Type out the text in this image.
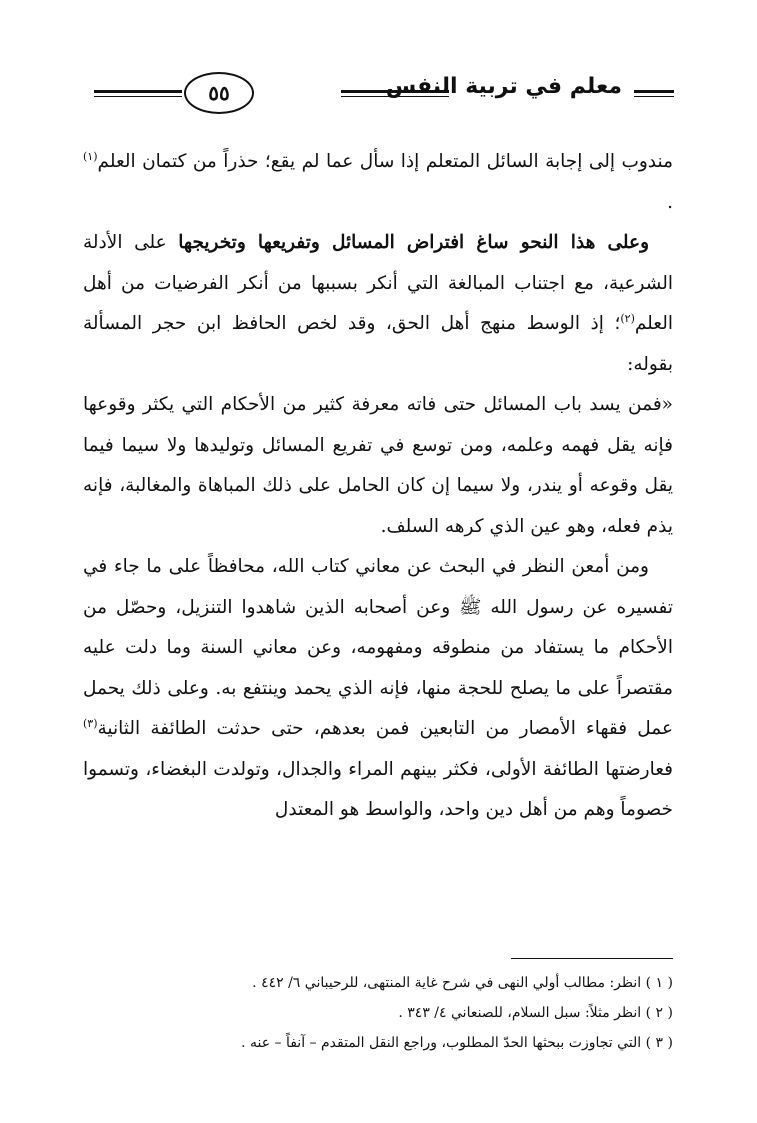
معلم في تربية النفس
٥٥

مندوب إلى إجابة السائل المتعلم إذا سأل عما لم يقع؛ حذراً من كتمان العلم$^{(١)}$ .

وعلى هذا النحو ساغ افتراض المسائل وتفريعها وتخريجها على الأدلة الشرعية، مع اجتناب المبالغة التي أنكر بسببها من أنكر الفرضيات من أهل العلم$^{(٢)}$؛ إذ الوسط منهج أهل الحق، وقد لخص الحافظ ابن حجر المسألة بقوله:

«فمن يسد باب المسائل حتى فاته معرفة كثير من الأحكام التي يكثر وقوعها فإنه يقل فهمه وعلمه، ومن توسع في تفريع المسائل وتوليدها ولا سيما فيما يقل وقوعه أو يندر، ولا سيما إن كان الحامل على ذلك المباهاة والمغالبة، فإنه يذم فعله، وهو عين الذي كرهه السلف.

ومن أمعن النظر في البحث عن معاني كتاب الله، محافظاً على ما جاء في تفسيره عن رسول الله ﷺ وعن أصحابه الذين شاهدوا التنزيل، وحصّل من الأحكام ما يستفاد من منطوقه ومفهومه، وعن معاني السنة وما دلت عليه مقتصراً على ما يصلح للحجة منها، فإنه الذي يحمد وينتفع به. وعلى ذلك يحمل عمل فقهاء الأمصار من التابعين فمن بعدهم، حتى حدثت الطائفة الثانية$^{(٣)}$ فعارضتها الطائفة الأولى، فكثر بينهم المراء والجدال، وتولدت البغضاء، وتسموا خصوماً وهم من أهل دين واحد، والواسط هو المعتدل

( ١ ) انظر: مطالب أولي النهى في شرح غاية المنتهى، للرحيباني ٦/ ٤٤٢ .

( ٢ ) انظر مثلاً: سبل السلام، للصنعاني ٤/ ٣٤٣ .

( ٣ ) التي تجاوزت ببحثها الحدّ المطلوب، وراجع النقل المتقدم – آنفاً – عنه .
